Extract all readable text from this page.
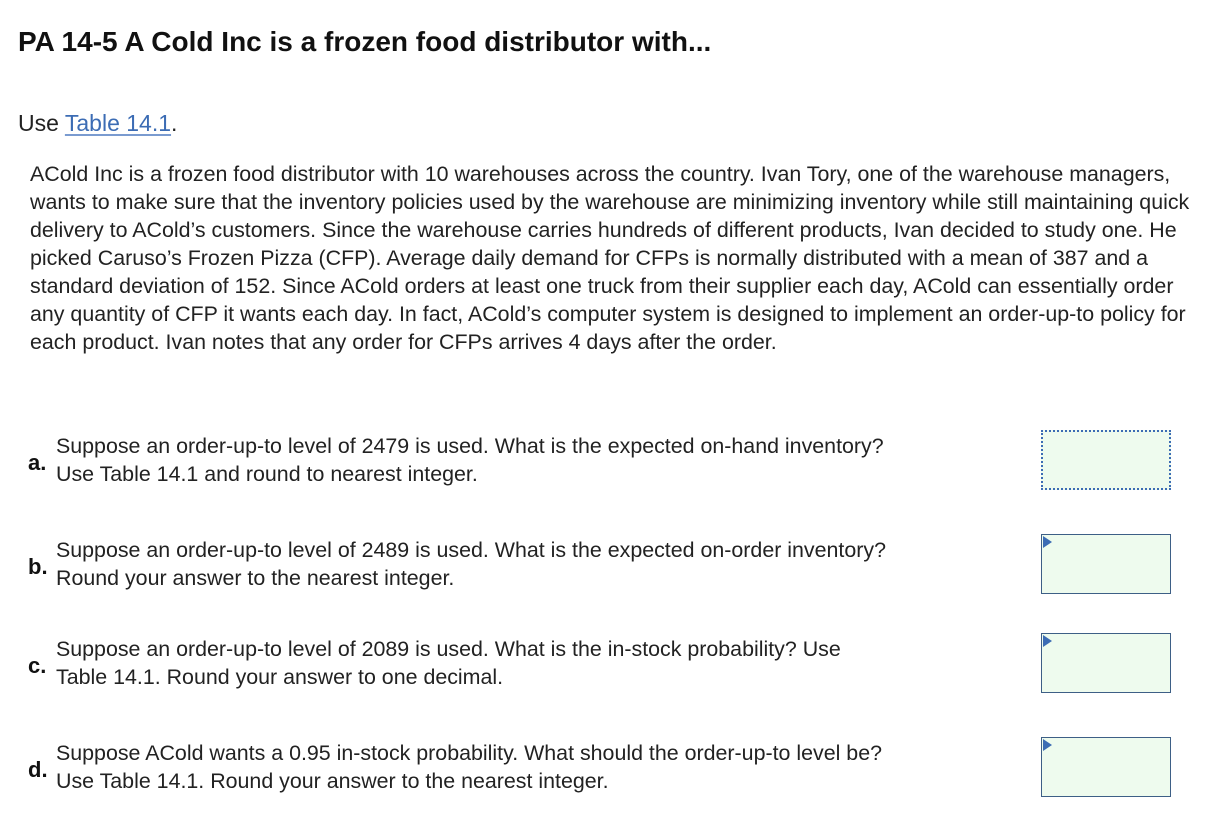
PA 14-5 A Cold Inc is a frozen food distributor with...
Use Table 14.1.
ACold Inc is a frozen food distributor with 10 warehouses across the country. Ivan Tory, one of the warehouse managers, wants to make sure that the inventory policies used by the warehouse are minimizing inventory while still maintaining quick delivery to ACold’s customers. Since the warehouse carries hundreds of different products, Ivan decided to study one. He picked Caruso’s Frozen Pizza (CFP). Average daily demand for CFPs is normally distributed with a mean of 387 and a standard deviation of 152. Since ACold orders at least one truck from their supplier each day, ACold can essentially order any quantity of CFP it wants each day. In fact, ACold’s computer system is designed to implement an order-up-to policy for each product. Ivan notes that any order for CFPs arrives 4 days after the order.
a.
Suppose an order-up-to level of 2479 is used. What is the expected on-hand inventory?
Use Table 14.1 and round to nearest integer.
b.
Suppose an order-up-to level of 2489 is used. What is the expected on-order inventory?
Round your answer to the nearest integer.
c.
Suppose an order-up-to level of 2089 is used. What is the in-stock probability? Use
Table 14.1. Round your answer to one decimal.
d.
Suppose ACold wants a 0.95 in-stock probability. What should the order-up-to level be?
Use Table 14.1. Round your answer to the nearest integer.
